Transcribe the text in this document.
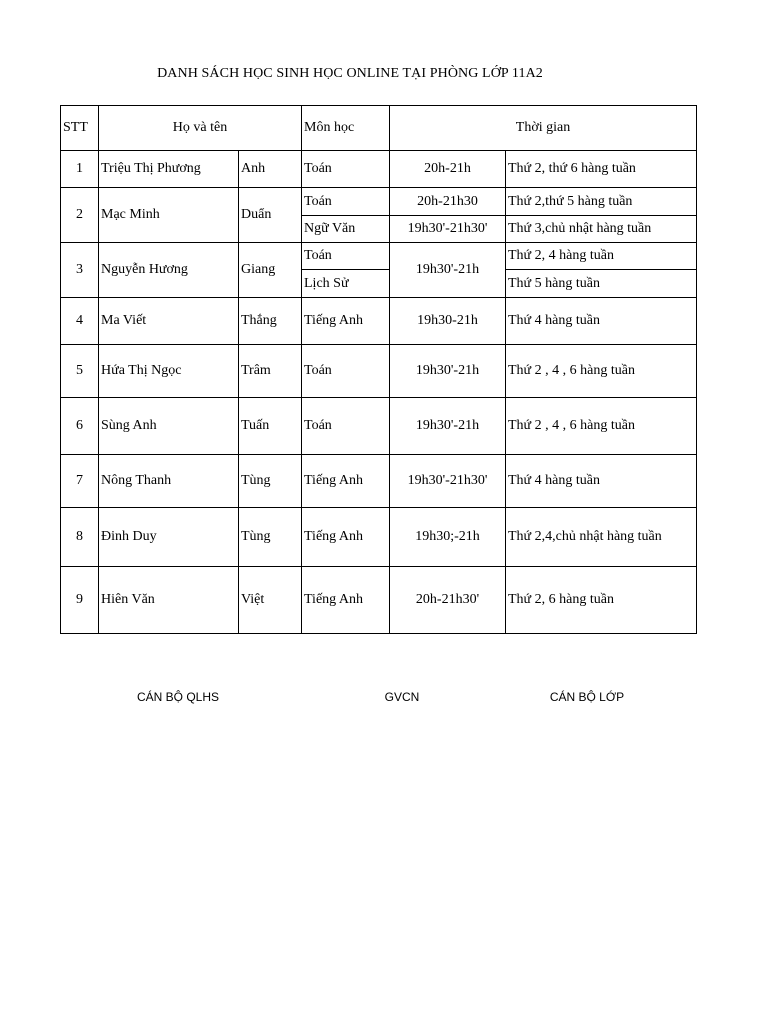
DANH SÁCH HỌC SINH HỌC ONLINE TẠI PHÒNG LỚP 11A2
STT	Họ và tên		Môn học	Thời gian	
1	Triệu Thị Phương	Anh	Toán	20h-21h	Thứ 2, thứ 6 hàng tuần
2	Mạc Minh	Duẩn	Toán	20h-21h30	Thứ 2,thứ 5 hàng tuần
			Ngữ Văn	19h30'-21h30'	Thứ 3,chủ nhật hàng tuần
3	Nguyễn Hương	Giang	Toán	19h30'-21h	Thứ 2, 4 hàng tuần
			Lịch Sử		Thứ 5 hàng tuần
4	Ma Viết	Thắng	Tiếng Anh	19h30-21h	Thứ 4 hàng tuần
5	Hứa Thị Ngọc	Trâm	Toán	19h30'-21h	Thứ 2 , 4 , 6 hàng tuần
6	Sùng Anh	Tuấn	Toán	19h30'-21h	Thứ 2 , 4 , 6 hàng tuần
7	Nông Thanh	Tùng	Tiếng Anh	19h30'-21h30'	Thứ 4 hàng tuần
8	Đinh Duy	Tùng	Tiếng Anh	19h30;-21h	Thứ 2,4,chủ nhật hàng tuần
9	Hiên Văn	Việt	Tiếng Anh	20h-21h30'	Thứ 2, 6 hàng tuần
CÁN BỘ QLHS	GVCN	CÁN BỘ LỚP
